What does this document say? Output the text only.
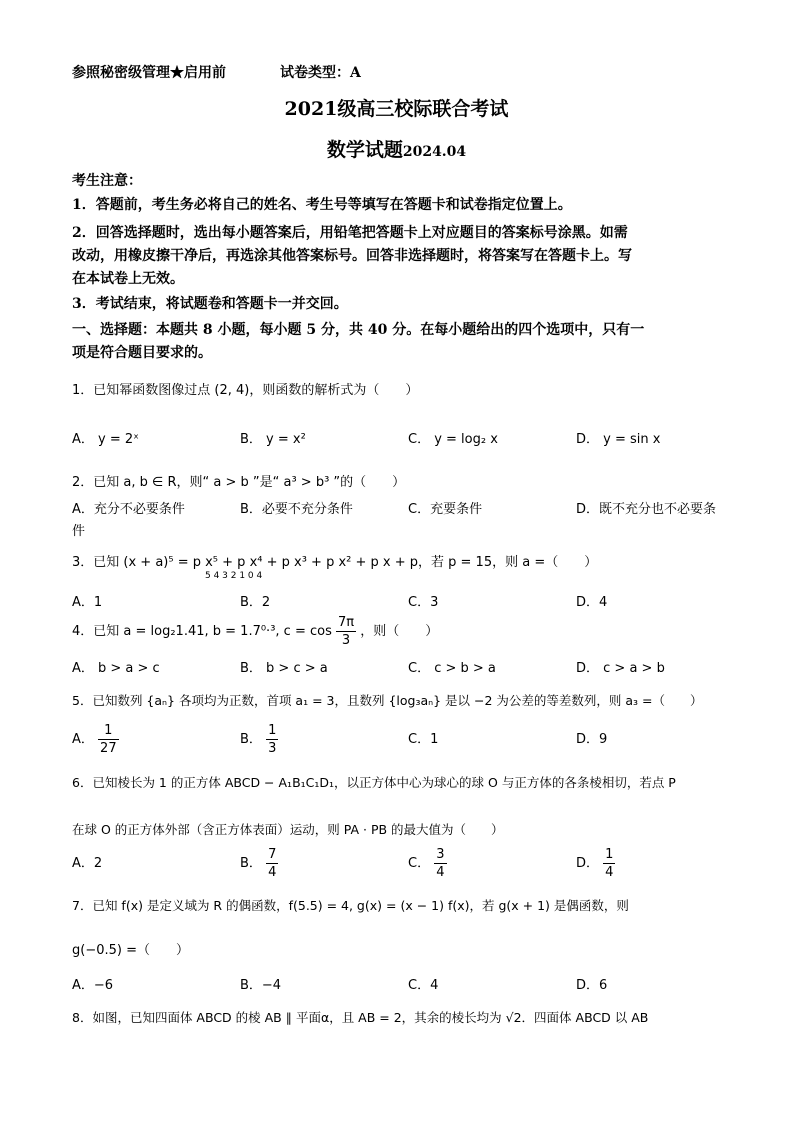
参照秘密级管理★启用前	试卷类型：A
2021级高三校际联合考试
数学试题2024.04
考生注意：
1．答题前，考生务必将自己的姓名、考生号等填写在答题卡和试卷指定位置上。
2．回答选择题时，选出每小题答案后，用铅笔把答题卡上对应题目的答案标号涂黑。如需
改动，用橡皮擦干净后，再选涂其他答案标号。回答非选择题时，将答案写在答题卡上。写
在本试卷上无效。
3．考试结束，将试题卷和答题卡一并交回。
一、选择题：本题共 8 小题，每小题 5 分，共 40 分。在每小题给出的四个选项中，只有一
项是符合题目要求的。
1．已知幂函数图像过点 (2, 4)，则函数的解析式为（　　）
A． y = 2ˣ	B． y = x²	C． y = log₂ x	D． y = sin x
2．已知 a, b ∈ R，则“ a > b ”是“ a³ > b³ ”的（　　）
A．充分不必要条件	B．必要不充分条件	C．充要条件	D．既不充分也不必要条
件
3．已知 (x + a)⁵ = p x⁵ + p x⁴ + p x³ + p x² + p x + p，若 p = 15，则 a =（　　）
5 4 3 2 1 0 4
A．1	B．2	C．3	D．4
4．已知 a = log₂1.41, b = 1.7⁰·³, $c = \cos \frac{7\pi}{3}$ ，则（　　）
A． b > a > c	B． b > c > a	C． c > b > a	D． c > a > b
5．已知数列 {aₙ} 各项均为正数，首项 a₁ = 3，且数列 {log₃aₙ} 是以 −2 为公差的等差数列，则 a₃ =（　　）
A． $\frac{1}{27}$	B． $\frac{1}{3}$	C．1	D．9
6．已知棱长为 1 的正方体 ABCD − A₁B₁C₁D₁，以正方体中心为球心的球 O 与正方体的各条棱相切，若点 P
在球 O 的正方体外部（含正方体表面）运动，则 PA · PB 的最大值为（　　）
A．2	B． $\frac{7}{4}$	C． $\frac{3}{4}$	D． $\frac{1}{4}$
7．已知 f(x) 是定义域为 R 的偶函数，f(5.5) = 4, g(x) = (x − 1) f(x)，若 g(x + 1) 是偶函数，则
g(−0.5) =（　　）
A．−6	B．−4	C．4	D．6
8．如图，已知四面体 ABCD 的棱 AB ∥ 平面α，且 AB = 2，其余的棱长均为 √2．四面体 ABCD 以 AB
